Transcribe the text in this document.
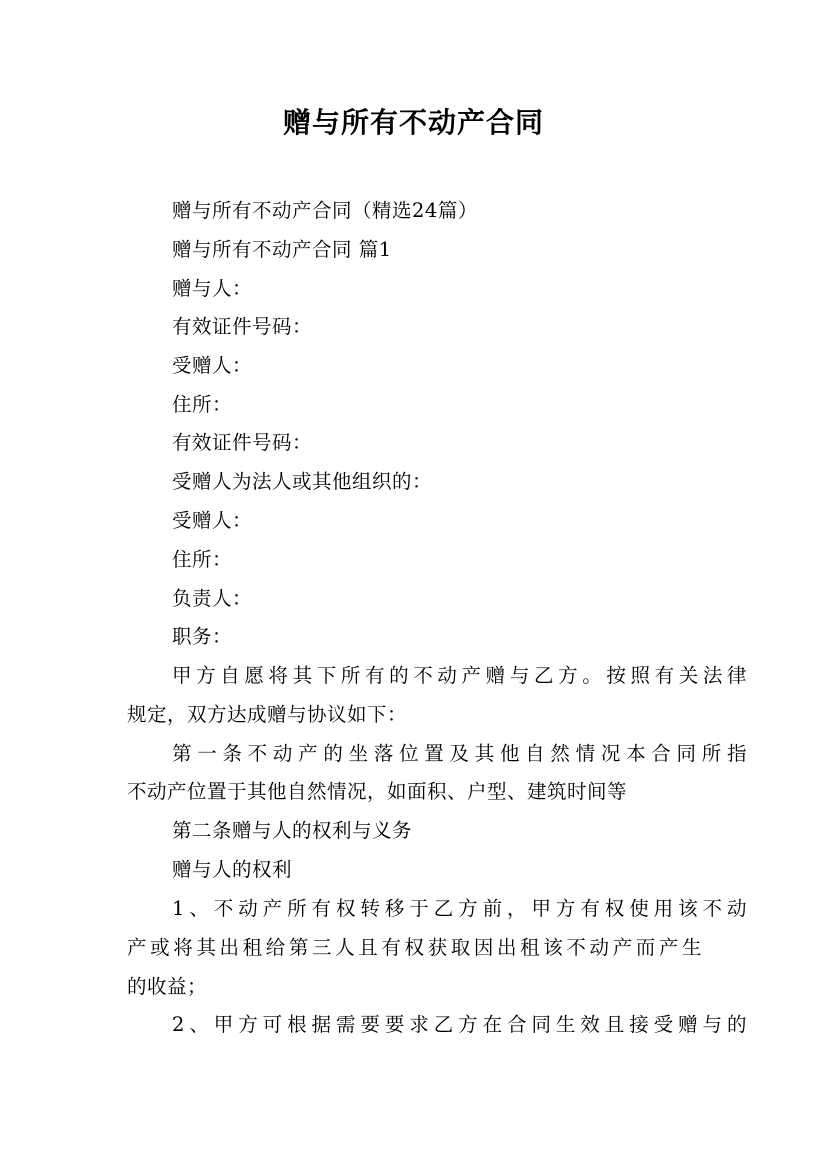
赠与所有不动产合同
赠与所有不动产合同（精选24篇）
赠与所有不动产合同 篇1
赠与人：
有效证件号码：
受赠人：
住所：
有效证件号码：
受赠人为法人或其他组织的：
受赠人：
住所：
负责人：
职务：
甲方自愿将其下所有的不动产赠与乙方。按照有关法律
规定，双方达成赠与协议如下：
第一条不动产的坐落位置及其他自然情况本合同所指
不动产位置于其他自然情况，如面积、户型、建筑时间等
第二条赠与人的权利与义务
赠与人的权利
1、不动产所有权转移于乙方前，甲方有权使用该不动
产或将其出租给第三人且有权获取因出租该不动产而产生
的收益；
2、甲方可根据需要要求乙方在合同生效且接受赠与的
